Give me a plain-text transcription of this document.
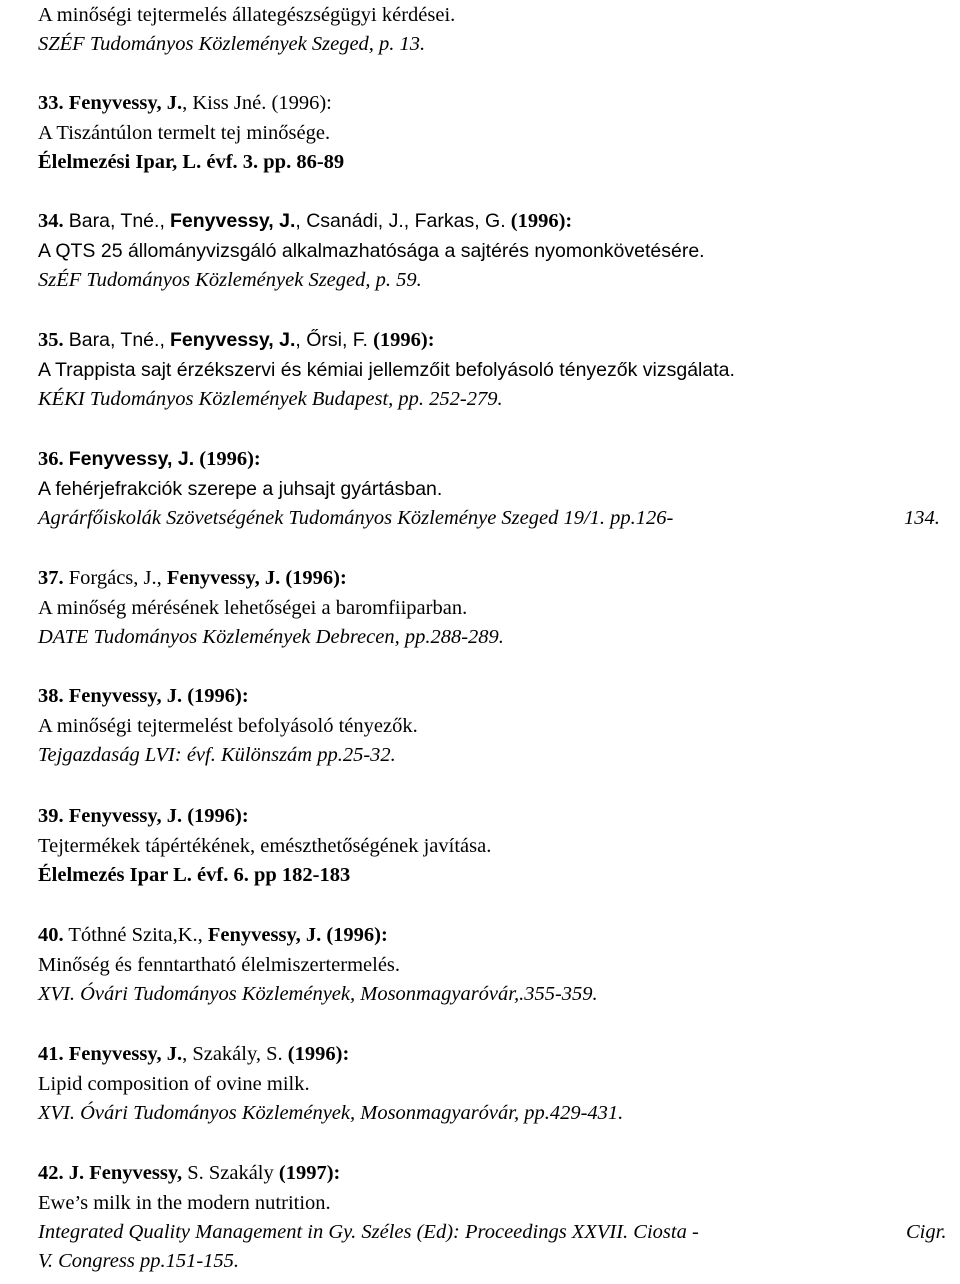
A minőségi tejtermelés állategészségügyi kérdései.
SZÉF Tudományos Közlemények Szeged, p. 13.
33. Fenyvessy, J., Kiss Jné. (1996):
A Tiszántúlon termelt tej minősége.
Élelmezési Ipar, L. évf. 3. pp. 86-89
34. Bara, Tné., Fenyvessy, J., Csanádi, J., Farkas, G. (1996):
A QTS 25 állományvizsgáló alkalmazhatósága a sajtérés nyomonkövetésére.
SzÉF Tudományos Közlemények Szeged, p. 59.
35. Bara, Tné., Fenyvessy, J., Őrsi, F. (1996):
A Trappista sajt érzékszervi és kémiai jellemzőit befolyásoló tényezők vizsgálata.
KÉKI Tudományos Közlemények Budapest, pp. 252-279.
36. Fenyvessy, J. (1996):
A fehérjefrakciók szerepe a juhsajt gyártásban.
Agrárfőiskolák Szövetségének Tudományos Közleménye Szeged 19/1. pp.126-	134.
37. Forgács, J., Fenyvessy, J. (1996):
A minőség mérésének lehetőségei a baromfiiparban.
DATE Tudományos Közlemények Debrecen, pp.288-289.
38. Fenyvessy, J. (1996):
A minőségi tejtermelést befolyásoló tényezők.
Tejgazdaság LVI: évf. Különszám pp.25-32.
39. Fenyvessy, J. (1996):
Tejtermékek tápértékének, emészthetőségének javítása.
Élelmezés Ipar L. évf. 6. pp 182-183
40. Tóthné Szita,K., Fenyvessy, J. (1996):
Minőség és fenntartható élelmiszertermelés.
XVI. Óvári Tudományos Közlemények, Mosonmagyaróvár,.355-359.
41. Fenyvessy, J., Szakály, S. (1996):
Lipid composition of ovine milk.
XVI. Óvári Tudományos Közlemények, Mosonmagyaróvár, pp.429-431.
42. J. Fenyvessy, S. Szakály (1997):
Ewe’s milk in the modern nutrition.
Integrated Quality Management in Gy. Széles (Ed): Proceedings XXVII. Ciosta -	Cigr.
V. Congress pp.151-155.
